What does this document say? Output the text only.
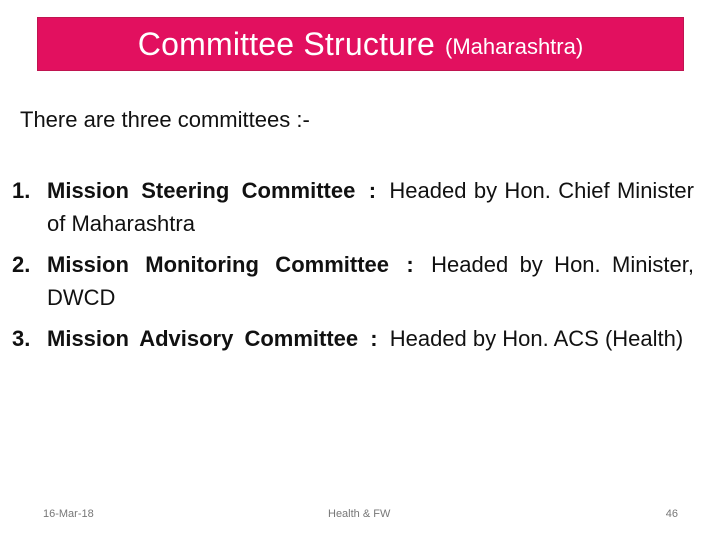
Committee Structure (Maharashtra)
There are three committees :-
1. Mission Steering Committee : Headed by Hon. Chief Minister of Maharashtra
2. Mission Monitoring Committee : Headed by Hon. Minister, DWCD
3. Mission Advisory Committee : Headed by Hon. ACS (Health)
16-Mar-18	Health & FW	46
